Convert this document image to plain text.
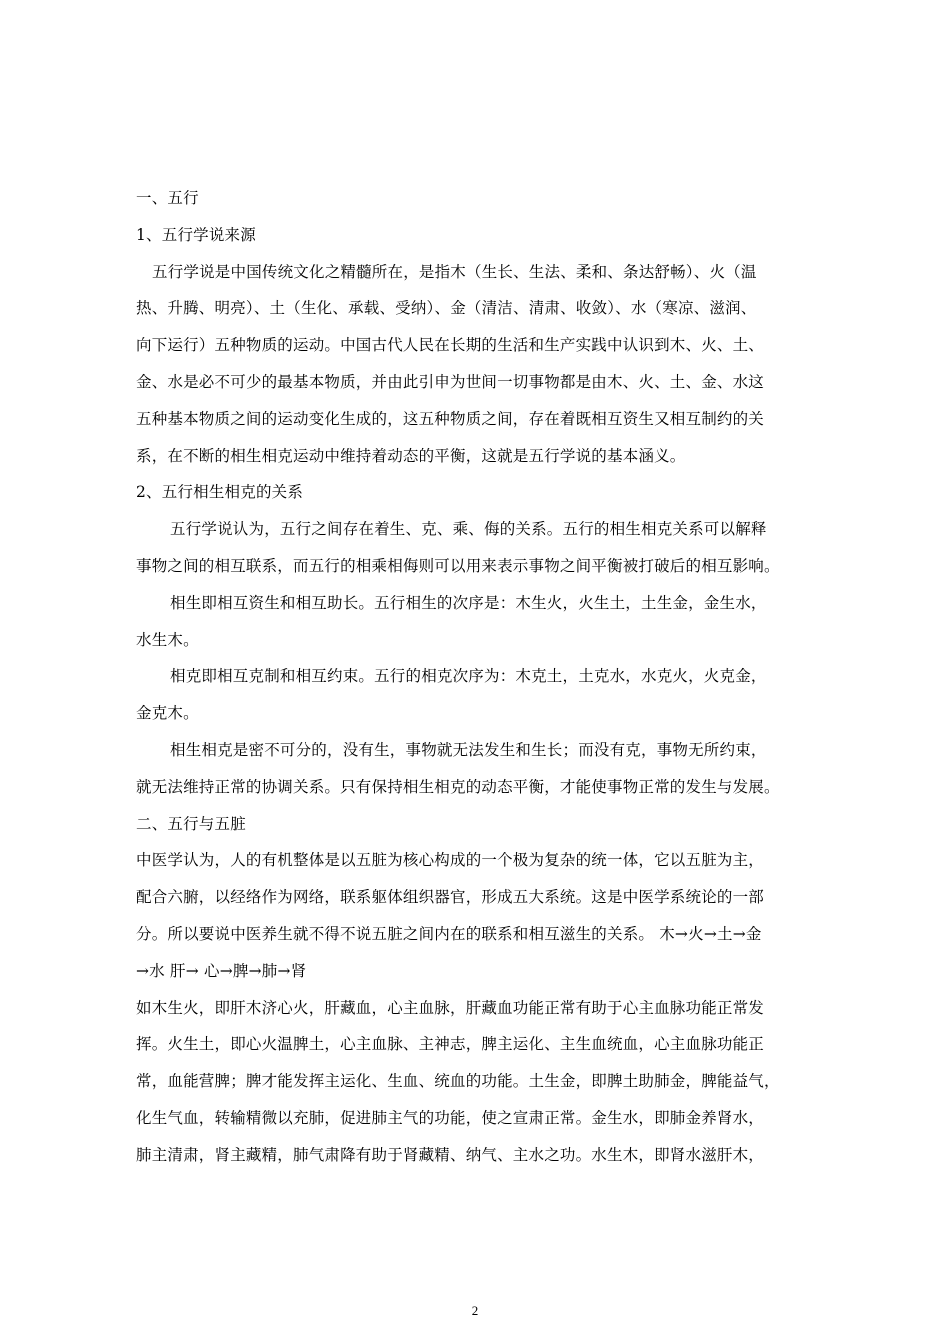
一、五行
1、五行学说来源
五行学说是中国传统文化之精髓所在，是指木（生长、生法、柔和、条达舒畅）、火（温
热、升腾、明亮）、土（生化、承载、受纳）、金（清洁、清肃、收敛）、水（寒凉、滋润、
向下运行）五种物质的运动。中国古代人民在长期的生活和生产实践中认识到木、火、土、
金、水是必不可少的最基本物质，并由此引申为世间一切事物都是由木、火、土、金、水这
五种基本物质之间的运动变化生成的，这五种物质之间，存在着既相互资生又相互制约的关
系，在不断的相生相克运动中维持着动态的平衡，这就是五行学说的基本涵义。
2、五行相生相克的关系
五行学说认为，五行之间存在着生、克、乘、侮的关系。五行的相生相克关系可以解释
事物之间的相互联系，而五行的相乘相侮则可以用来表示事物之间平衡被打破后的相互影响。
相生即相互资生和相互助长。五行相生的次序是：木生火，火生土，土生金，金生水，
水生木。
相克即相互克制和相互约束。五行的相克次序为：木克土，土克水，水克火，火克金，
金克木。
相生相克是密不可分的，没有生，事物就无法发生和生长；而没有克，事物无所约束，
就无法维持正常的协调关系。只有保持相生相克的动态平衡，才能使事物正常的发生与发展。
二、五行与五脏
中医学认为，人的有机整体是以五脏为核心构成的一个极为复杂的统一体，它以五脏为主，
配合六腑，以经络作为网络，联系躯体组织器官，形成五大系统。这是中医学系统论的一部
分。所以要说中医养生就不得不说五脏之间内在的联系和相互滋生的关系。 木→火→土→金
→水 肝→ 心→脾→肺→肾
如木生火，即肝木济心火，肝藏血，心主血脉，肝藏血功能正常有助于心主血脉功能正常发
挥。火生土，即心火温脾土，心主血脉、主神志，脾主运化、主生血统血，心主血脉功能正
常，血能营脾；脾才能发挥主运化、生血、统血的功能。土生金，即脾土助肺金，脾能益气，
化生气血，转输精微以充肺，促进肺主气的功能，使之宣肃正常。金生水，即肺金养肾水，
肺主清肃，肾主藏精，肺气肃降有助于肾藏精、纳气、主水之功。水生木，即肾水滋肝木，
2
